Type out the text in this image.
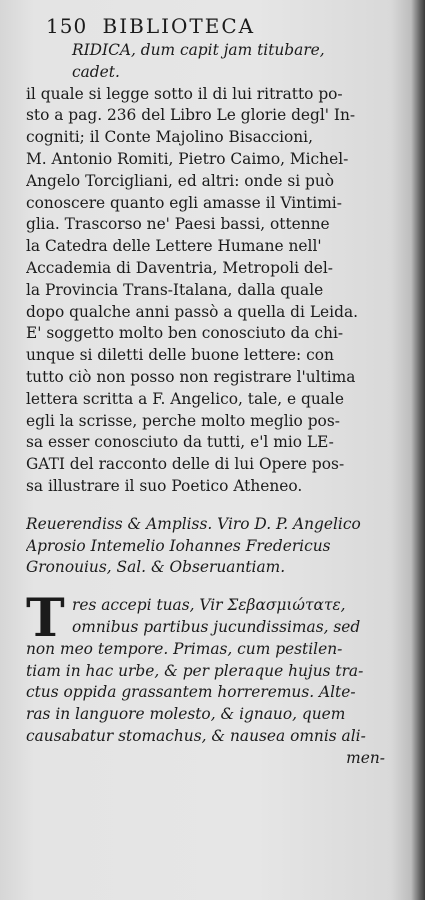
150 BIBLIOTECA
RIDICA, dum capit jam titubare,
cadet.
il quale si legge sotto il di lui ritratto po-
sto a pag. 236 del Libro Le glorie degl' In-
cogniti; il Conte Majolino Bisaccioni,
M. Antonio Romiti, Pietro Caimo, Michel-
Angelo Torcigliani, ed altri: onde si può
conoscere quanto egli amasse il Vintimi-
glia. Trascorso ne' Paesi bassi, ottenne
la Catedra delle Lettere Humane nell'
Accademia di Daventria, Metropoli del-
la Provincia Trans-Italana, dalla quale
dopo qualche anni passò a quella di Leida.
E' soggetto molto ben conosciuto da chi-
unque si diletti delle buone lettere: con
tutto ciò non posso non registrare l'ultima
lettera scritta a F. Angelico, tale, e quale
egli la scrisse, perche molto meglio pos-
sa esser conosciuto da tutti, e'l mio LE-
GATI del racconto delle di lui Opere pos-
sa illustrare il suo Poetico Atheneo.
Reuerendiss & Ampliss. Viro D. P. Angelico
Aprosio Intemelio Iohannes Fredericus
Gronouius, Sal. & Obseruantiam.
T res accepi tuas, Vir Σεβασμιώτατε,
omnibus partibus jucundissimas, sed
non meo tempore. Primas, cum pestilen-
tiam in hac urbe, & per pleraque hujus tra-
ctus oppida grassantem horreremus. Alte-
ras in languore molesto, & ignauo, quem
causabatur stomachus, & nausea omnis ali-
men-
